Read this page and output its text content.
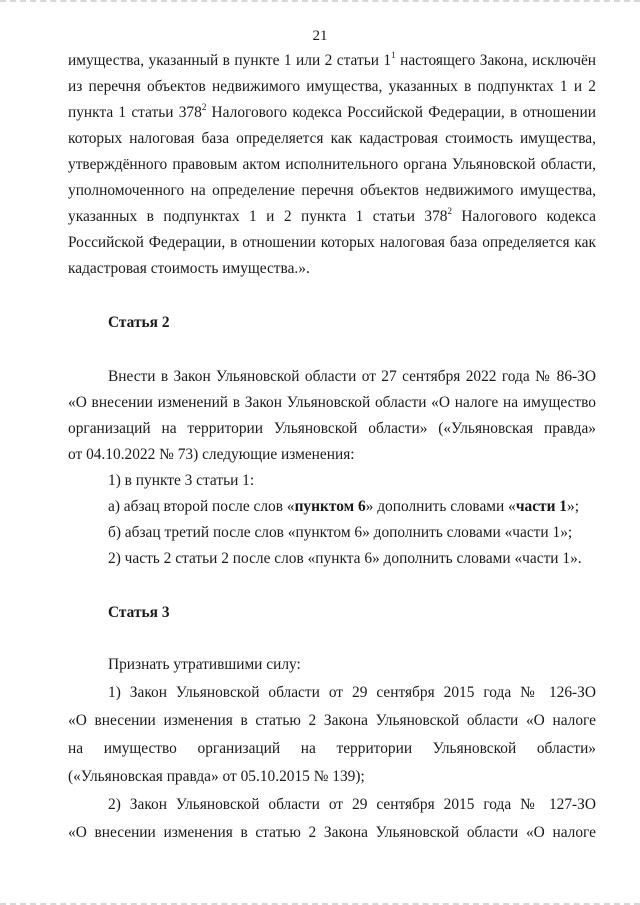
21
имущества, указанный в пункте 1 или 2 статьи $1^1$ настоящего Закона, исключён
из перечня объектов недвижимого имущества, указанных в подпунктах 1 и 2
пункта 1 статьи $378^2$ Налогового кодекса Российской Федерации, в отношении
которых налоговая база определяется как кадастровая стоимость имущества,
утверждённого правовым актом исполнительного органа Ульяновской области,
уполномоченного на определение перечня объектов недвижимого имущества,
указанных в подпунктах 1 и 2 пункта 1 статьи $378^2$ Налогового кодекса
Российской Федерации, в отношении которых налоговая база определяется как
кадастровая стоимость имущества.».
Статья 2
Внести в Закон Ульяновской области от 27 сентября 2022 года № 86-ЗО
«О внесении изменений в Закон Ульяновской области «О налоге на имущество
организаций на территории Ульяновской области» («Ульяновская правда»
от 04.10.2022 № 73) следующие изменения:
1) в пункте 3 статьи 1:
а) абзац второй после слов «пунктом 6» дополнить словами «части 1»;
б) абзац третий после слов «пунктом 6» дополнить словами «части 1»;
2) часть 2 статьи 2 после слов «пункта 6» дополнить словами «части 1».
Статья 3
Признать утратившими силу:
1) Закон Ульяновской области от 29 сентября 2015 года № 126-ЗО
«О внесении изменения в статью 2 Закона Ульяновской области «О налоге
на имущество организаций на территории Ульяновской области»
(«Ульяновская правда» от 05.10.2015 № 139);
2) Закон Ульяновской области от 29 сентября 2015 года № 127-ЗО
«О внесении изменения в статью 2 Закона Ульяновской области «О налоге
